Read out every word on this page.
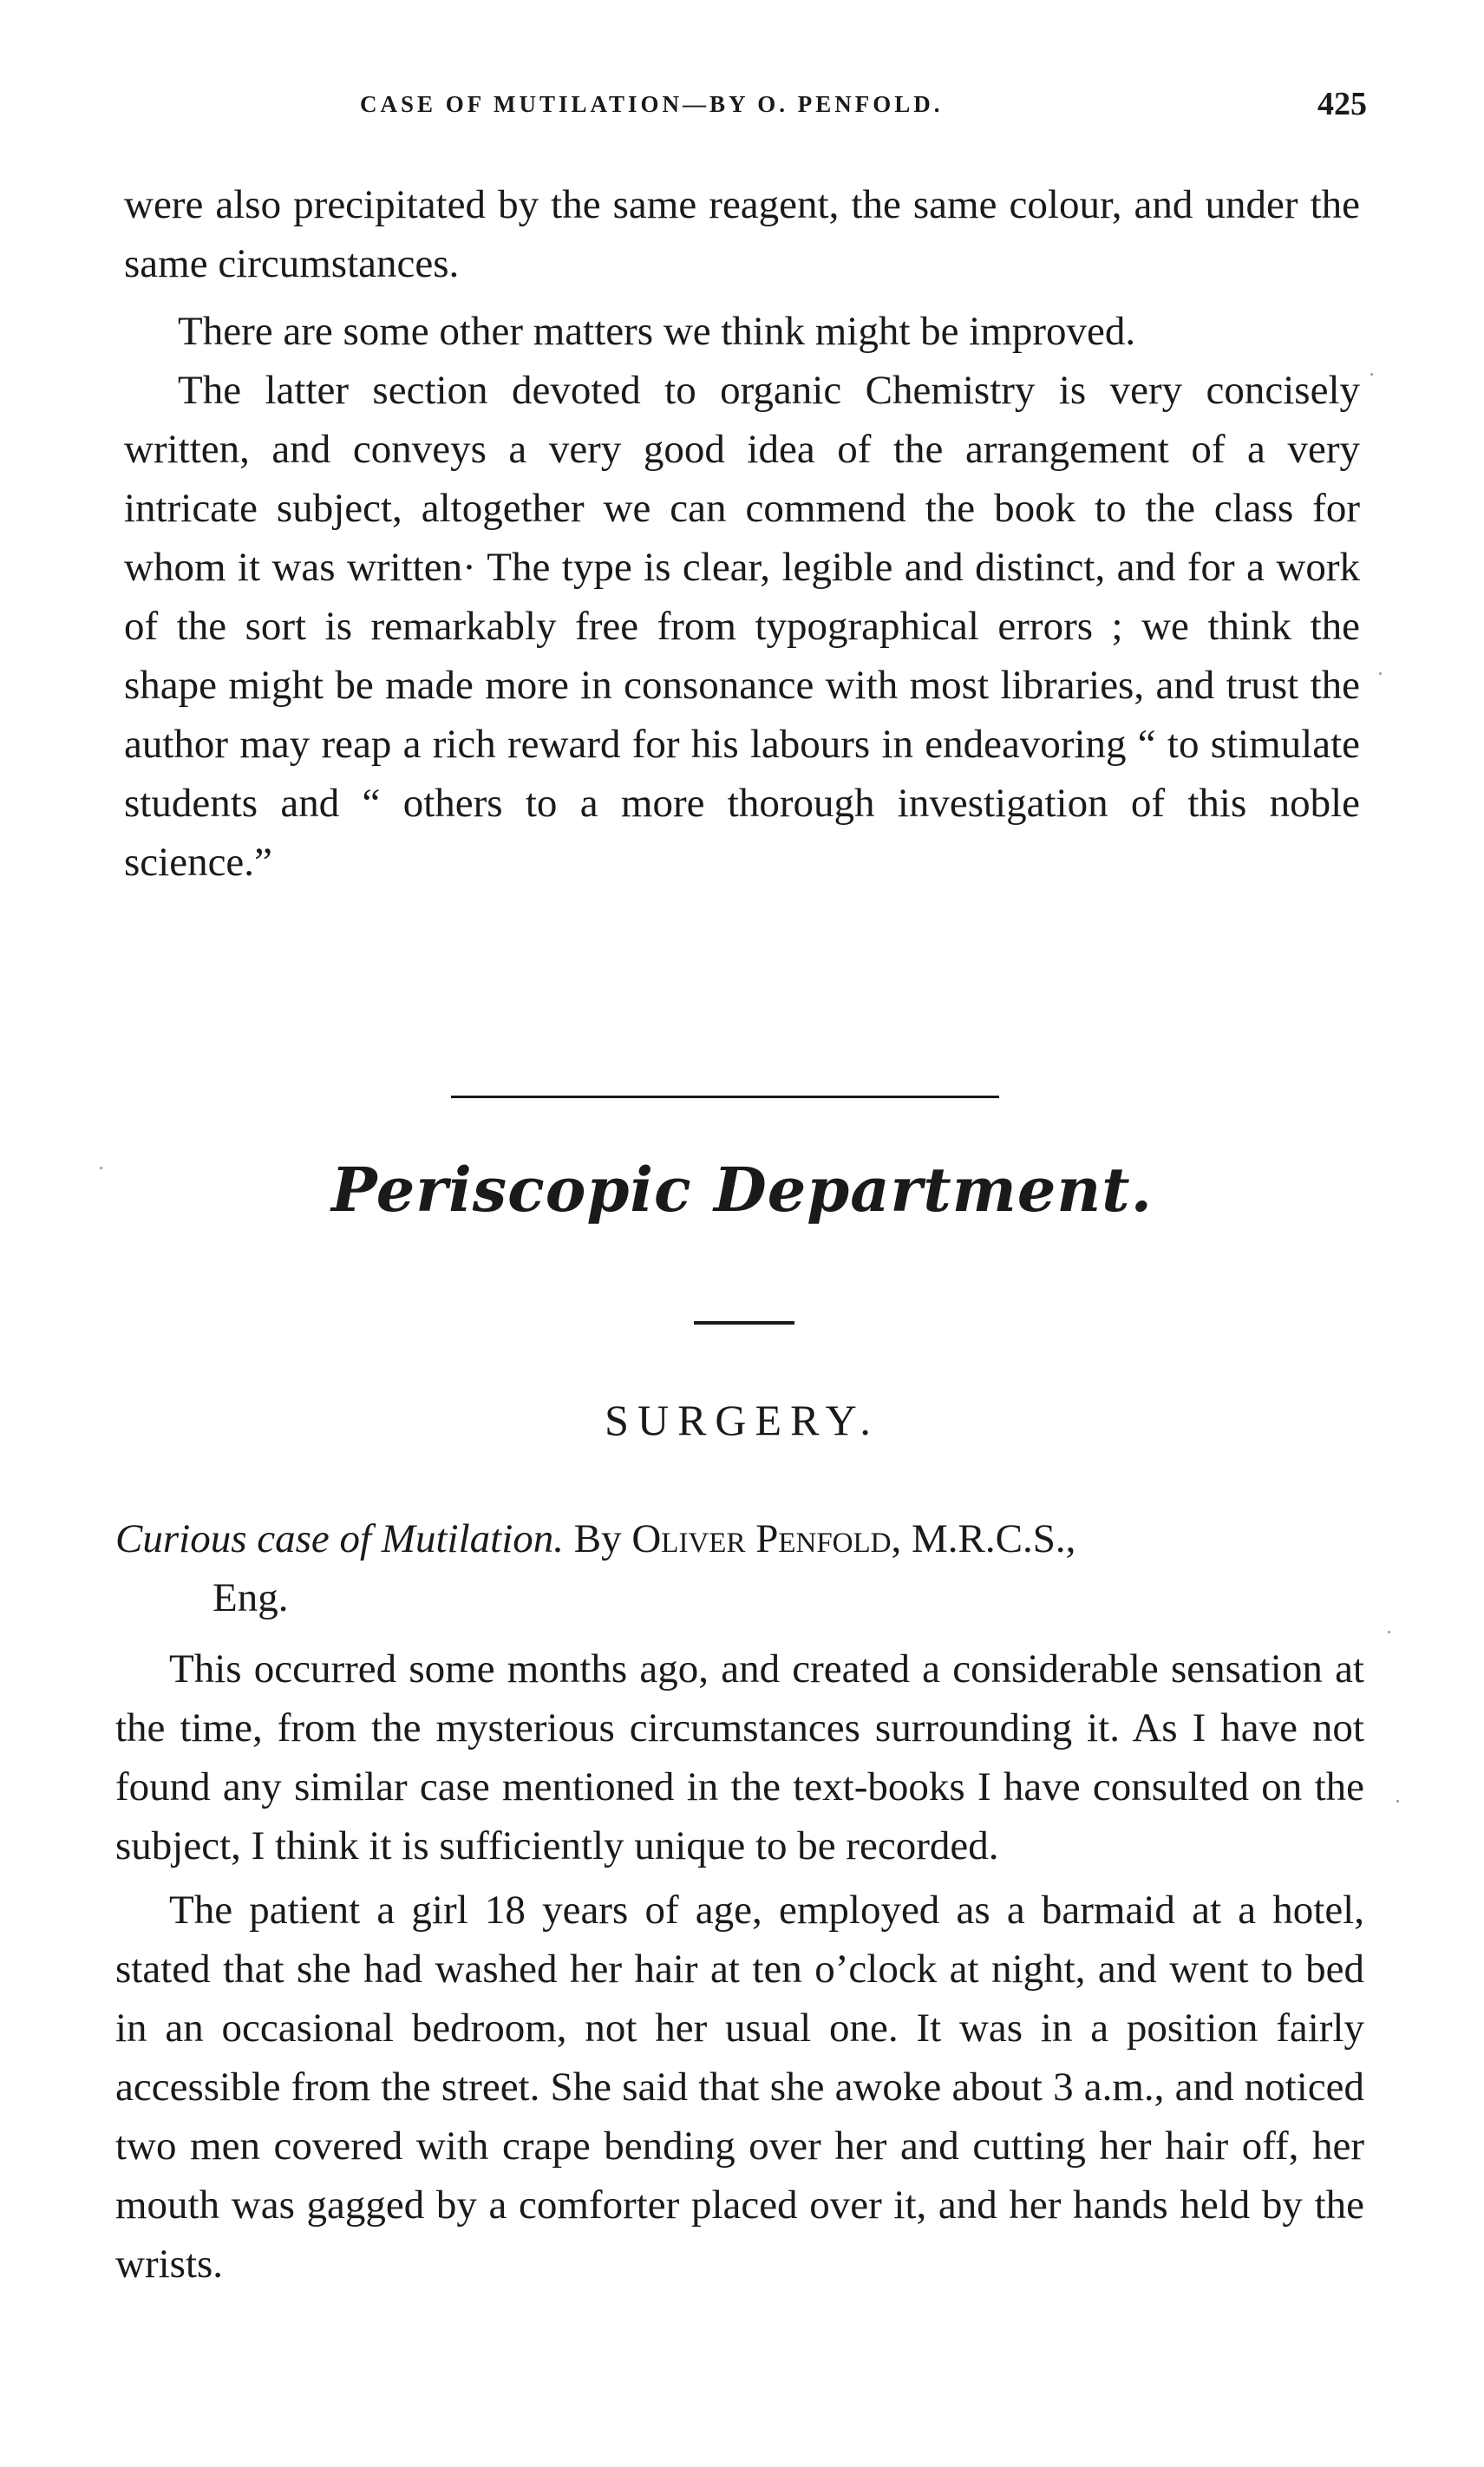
CASE OF MUTILATION—BY O. PENFOLD.	425

were also precipitated by the same reagent, the same colour, and under the same circumstances.

There are some other matters we think might be improved.

The latter section devoted to organic Chemistry is very concisely written, and conveys a very good idea of the arrangement of a very intricate subject, altogether we can commend the book to the class for whom it was written· The type is clear, legible and distinct, and for a work of the sort is remarkably free from typographical errors ; we think the shape might be made more in consonance with most libraries, and trust the author may reap a rich reward for his labours in endeavoring “ to stimulate students and “ others to a more thorough investigation of this noble science.”

Periscopic Department.
SURGERY.

Curious case of Mutilation. By Oliver Penfold, M.R.C.S.,

Eng.

This occurred some months ago, and created a considerable sensation at the time, from the mysterious circumstances surrounding it. As I have not found any similar case mentioned in the text-books I have consulted on the subject, I think it is sufficiently unique to be recorded.

The patient a girl 18 years of age, employed as a barmaid at a hotel, stated that she had washed her hair at ten o’clock at night, and went to bed in an occasional bedroom, not her usual one. It was in a position fairly accessible from the street. She said that she awoke about 3 a.m., and noticed two men covered with crape bending over her and cutting her hair off, her mouth was gagged by a comforter placed over it, and her hands held by the wrists.
